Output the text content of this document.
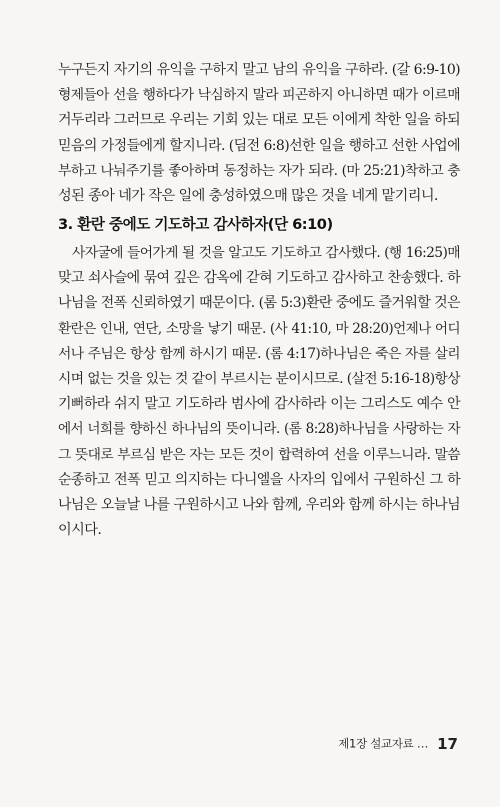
누구든지 자기의 유익을 구하지 말고 남의 유익을 구하라. (갈 6:9-10)
형제들아 선을 행하다가 낙심하지 말라 피곤하지 아니하면 때가 이르매
거두리라 그러므로 우리는 기회 있는 대로 모든 이에게 착한 일을 하되
믿음의 가정들에게 할지니라. (딤전 6:8)선한 일을 행하고 선한 사업에
부하고 나눠주기를 좋아하며 동정하는 자가 되라. (마 25:21)착하고 충
성된 종아 네가 작은 일에 충성하였으매 많은 것을 네게 맡기리니.

3. 환란 중에도 기도하고 감사하자(단 6:10)

사자굴에 들어가게 될 것을 알고도 기도하고 감사했다. (행 16:25)매
맞고 쇠사슬에 묶여 깊은 감옥에 갇혀 기도하고 감사하고 찬송했다. 하
나님을 전폭 신뢰하였기 때문이다. (롬 5:3)환란 중에도 즐거워할 것은
환란은 인내, 연단, 소망을 낳기 때문. (사 41:10, 마 28:20)언제나 어디
서나 주님은 항상 함께 하시기 때문. (롬 4:17)하나님은 죽은 자를 살리
시며 없는 것을 있는 것 같이 부르시는 분이시므로. (살전 5:16-18)항상
기뻐하라 쉬지 말고 기도하라 범사에 감사하라 이는 그리스도 예수 안
에서 너희를 향하신 하나님의 뜻이니라. (롬 8:28)하나님을 사랑하는 자
그 뜻대로 부르심 받은 자는 모든 것이 합력하여 선을 이루느니라. 말씀
순종하고 전폭 믿고 의지하는 다니엘을 사자의 입에서 구원하신 그 하
나님은 오늘날 나를 구원하시고 나와 함께, 우리와 함께 하시는 하나님
이시다.

제1장 설교자료 … 17
